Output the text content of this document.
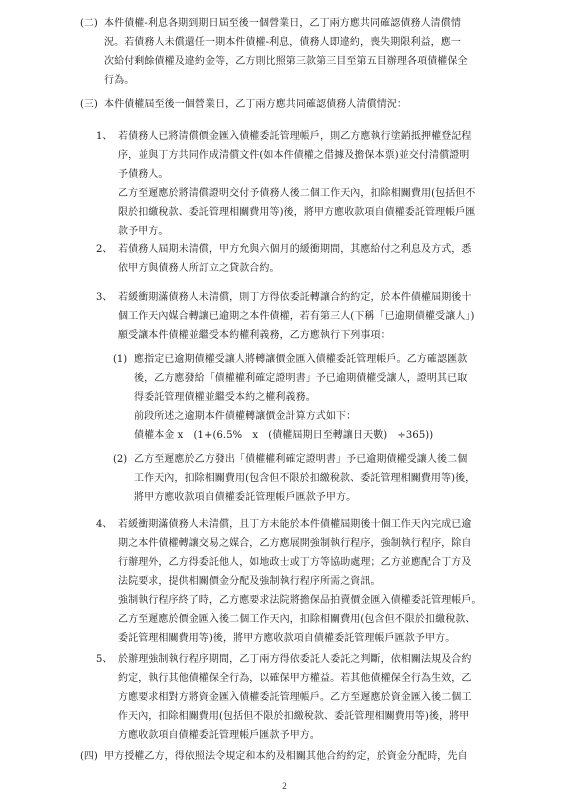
(二) 本件債權-利息各期到期日屆至後一個營業日，乙丁兩方應共同確認債務人清償情
況。若債務人未償還任一期本件債權-利息，債務人即違約，喪失期限利益，應一
次給付剩餘債權及違約金等，乙方則比照第三款第三目至第五目辦理各項債權保全
行為。
(三) 本件債權屆至後一個營業日，乙丁兩方應共同確認債務人清償情況：
1、 若債務人已將清償價金匯入債權委託管理帳戶，則乙方應執行塗銷抵押權登記程
序，並與丁方共同作成清償文件(如本件債權之借據及擔保本票)並交付清償證明
予債務人。
乙方至遲應於將清償證明交付予債務人後二個工作天內，扣除相關費用(包括但不
限於扣繳稅款、委託管理相關費用等)後，將甲方應收款項自債權委託管理帳戶匯
款予甲方。
2、 若債務人屆期未清償，甲方允與六個月的緩衝期間，其應給付之利息及方式，悉
依甲方與債務人所訂立之貸款合約。
3、 若緩衝期滿債務人未清償，則丁方得依委託轉讓合約約定，於本件債權屆期後十
個工作天內媒合轉讓已逾期之本件債權，若有第三人(下稱「已逾期債權受讓人」)
願受讓本件債權並繼受本約權利義務，乙方應執行下列事項：
(1) 應指定已逾期債權受讓人將轉讓價金匯入債權委託管理帳戶。乙方確認匯款
後，乙方應發給「債權權利確定證明書」予已逾期債權受讓人，證明其已取
得委託管理債權並繼受本約之權利義務。
前段所述之逾期本件債權轉讓價金計算方式如下：
債權本金 x　(1+(6.5%　x　(債權屆期日至轉讓日天數)　÷365))
(2) 乙方至遲應於乙方發出「債權權利確定證明書」予已逾期債權受讓人後二個
工作天內，扣除相關費用(包含但不限於扣繳稅款、委託管理相關費用等)後，
將甲方應收款項自債權委託管理帳戶匯款予甲方。
4、 若緩衝期滿債務人未清償，且丁方未能於本件債權屆期後十個工作天內完成已逾
期之本件債權轉讓交易之媒合，乙方應展開強制執行程序，強制執行程序，除自
行辦理外，乙方得委託他人，如地政士或丁方等協助處理；乙方並應配合丁方及
法院要求，提供相關價金分配及強制執行程序所需之資訊。
強制執行程序終了時，乙方應要求法院將擔保品拍賣價金匯入債權委託管理帳戶。
乙方至遲應於價金匯入後二個工作天內，扣除相關費用(包含但不限於扣繳稅款、
委託管理相關費用等)後，將甲方應收款項自債權委託管理帳戶匯款予甲方。
5、 於辦理強制執行程序期間，乙丁兩方得依委託人委託之判斷，依相關法規及合約
約定，執行其他債權保全行為，以確保甲方權益。若其他債權保全行為生效，乙
方應要求相對方將資金匯入債權委託管理帳戶。乙方至遲應於資金匯入後二個工
作天內，扣除相關費用(包括但不限於扣繳稅款、委託管理相關費用等)後，將甲
方應收款項自債權委託管理帳戶匯款予甲方。
(四) 甲方授權乙方，得依照法令規定和本約及相關其他合約約定，於資金分配時，先自
2
